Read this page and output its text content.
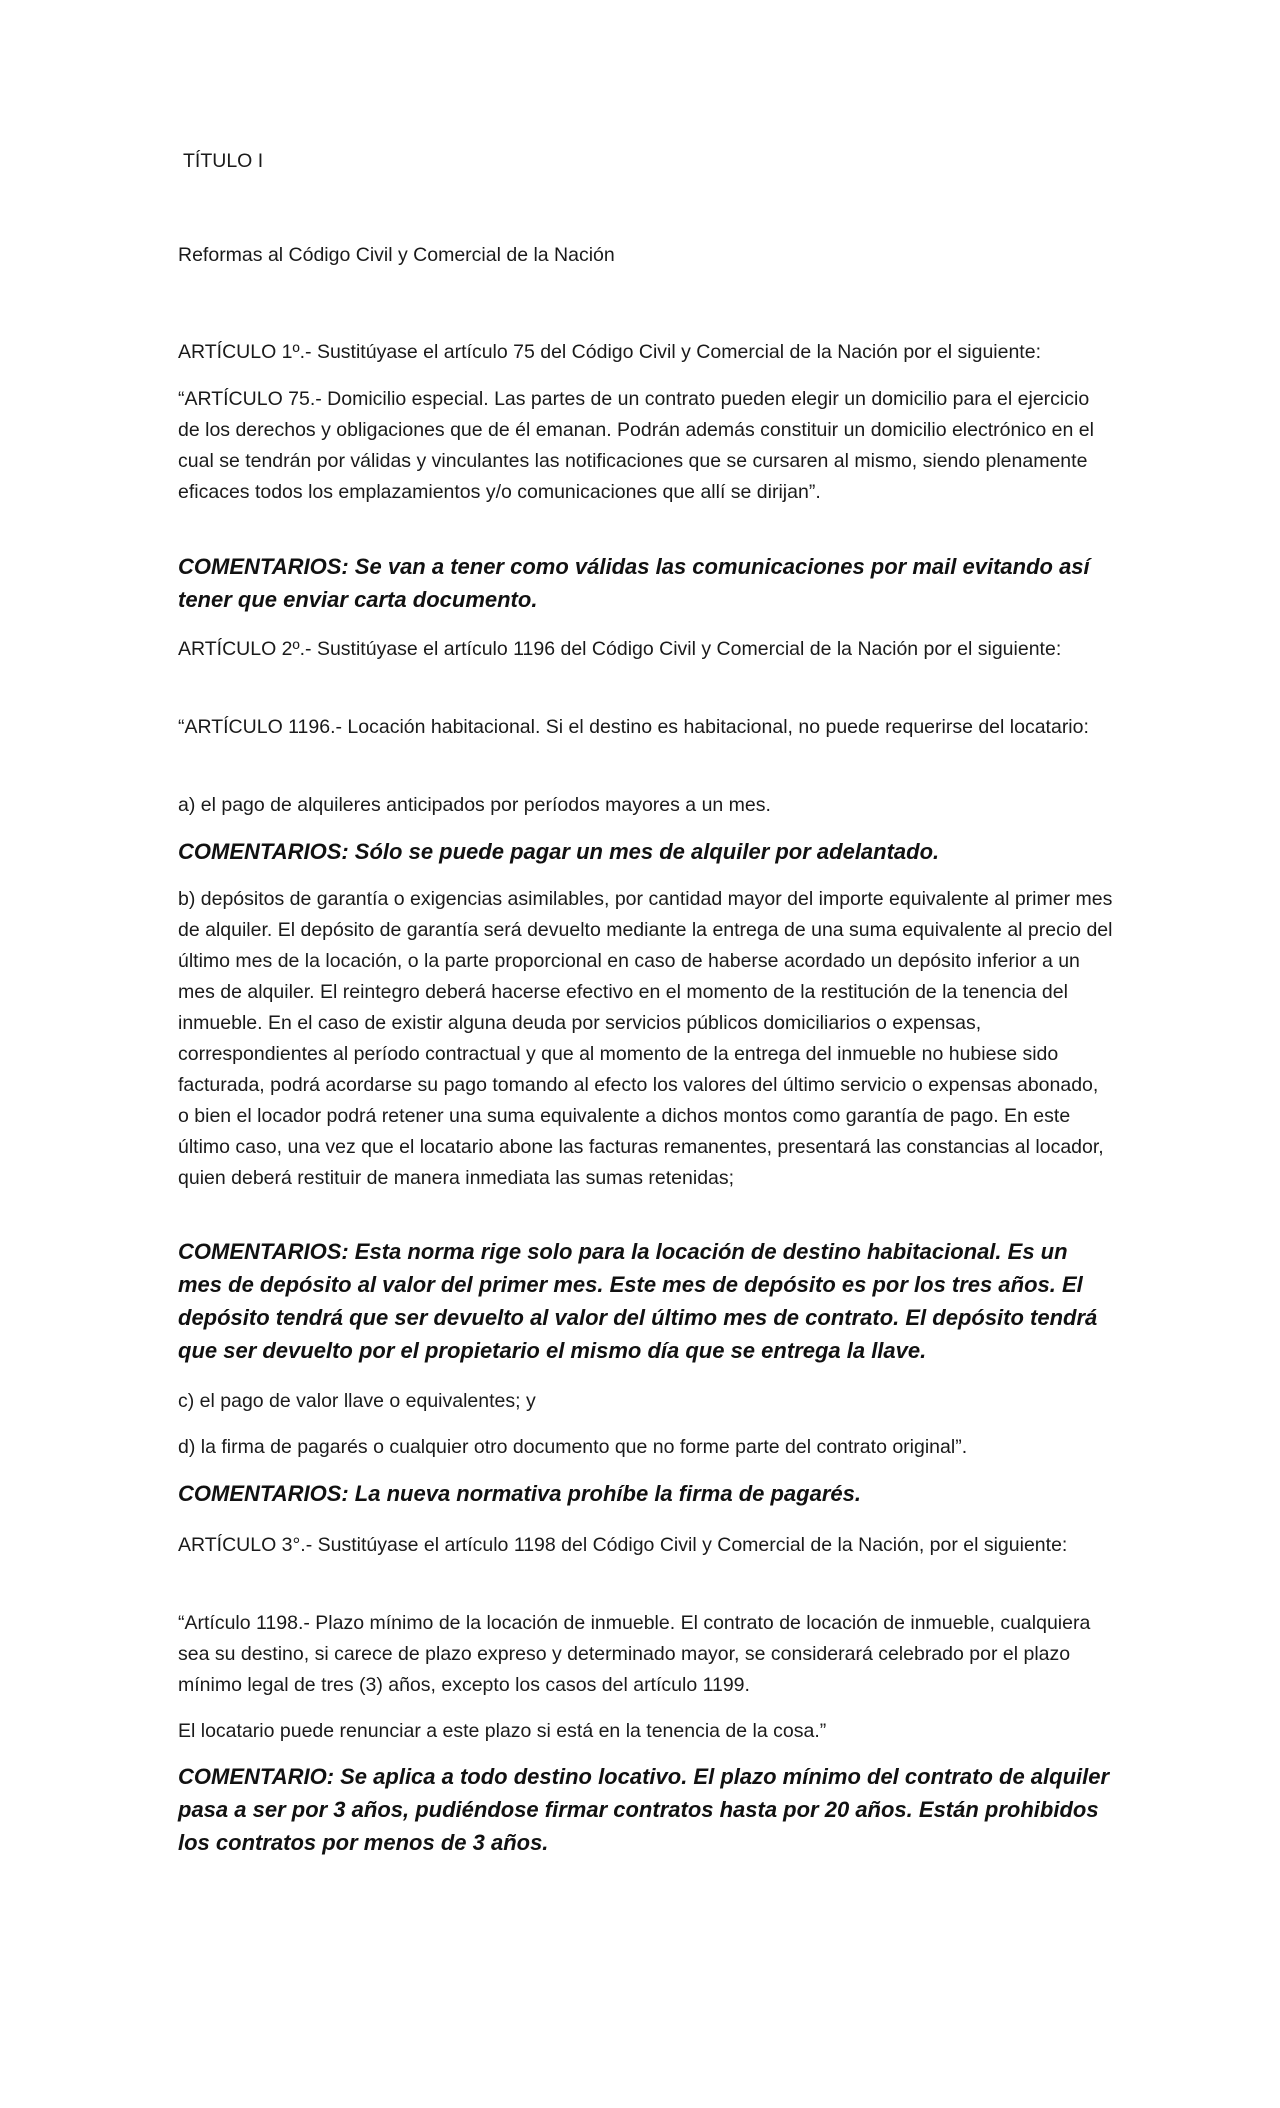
TÍTULO I

Reformas al Código Civil y Comercial de la Nación

ARTÍCULO 1º.- Sustitúyase el artículo 75 del Código Civil y Comercial de la Nación por el siguiente:

“ARTÍCULO 75.- Domicilio especial. Las partes de un contrato pueden elegir un domicilio para el ejercicio de los derechos y obligaciones que de él emanan. Podrán además constituir un domicilio electrónico en el cual se tendrán por válidas y vinculantes las notificaciones que se cursaren al mismo, siendo plenamente eficaces todos los emplazamientos y/o comunicaciones que allí se dirijan”.

COMENTARIOS: Se van a tener como válidas las comunicaciones por mail evitando así tener que enviar carta documento.

ARTÍCULO 2º.- Sustitúyase el artículo 1196 del Código Civil y Comercial de la Nación por el siguiente:

“ARTÍCULO 1196.- Locación habitacional. Si el destino es habitacional, no puede requerirse del locatario:

a) el pago de alquileres anticipados por períodos mayores a un mes.

COMENTARIOS: Sólo se puede pagar un mes de alquiler por adelantado.

b) depósitos de garantía o exigencias asimilables, por cantidad mayor del importe equivalente al primer mes de alquiler. El depósito de garantía será devuelto mediante la entrega de una suma equivalente al precio del último mes de la locación, o la parte proporcional en caso de haberse acordado un depósito inferior a un mes de alquiler. El reintegro deberá hacerse efectivo en el momento de la restitución de la tenencia del inmueble. En el caso de existir alguna deuda por servicios públicos domiciliarios o expensas, correspondientes al período contractual y que al momento de la entrega del inmueble no hubiese sido facturada, podrá acordarse su pago tomando al efecto los valores del último servicio o expensas abonado, o bien el locador podrá retener una suma equivalente a dichos montos como garantía de pago. En este último caso, una vez que el locatario abone las facturas remanentes, presentará las constancias al locador, quien deberá restituir de manera inmediata las sumas retenidas;

COMENTARIOS: Esta norma rige solo para la locación de destino habitacional. Es un mes de depósito al valor del primer mes. Este mes de depósito es por los tres años. El depósito tendrá que ser devuelto al valor del último mes de contrato. El depósito tendrá que ser devuelto por el propietario el mismo día que se entrega la llave.

c) el pago de valor llave o equivalentes; y

d) la firma de pagarés o cualquier otro documento que no forme parte del contrato original”.

COMENTARIOS: La nueva normativa prohíbe la firma de pagarés.

ARTÍCULO 3°.- Sustitúyase el artículo 1198 del Código Civil y Comercial de la Nación, por el siguiente:

“Artículo 1198.- Plazo mínimo de la locación de inmueble. El contrato de locación de inmueble, cualquiera sea su destino, si carece de plazo expreso y determinado mayor, se considerará celebrado por el plazo mínimo legal de tres (3) años, excepto los casos del artículo 1199.

El locatario puede renunciar a este plazo si está en la tenencia de la cosa.”

COMENTARIO: Se aplica a todo destino locativo. El plazo mínimo del contrato de alquiler pasa a ser por 3 años, pudiéndose firmar contratos hasta por 20 años. Están prohibidos los contratos por menos de 3 años.
